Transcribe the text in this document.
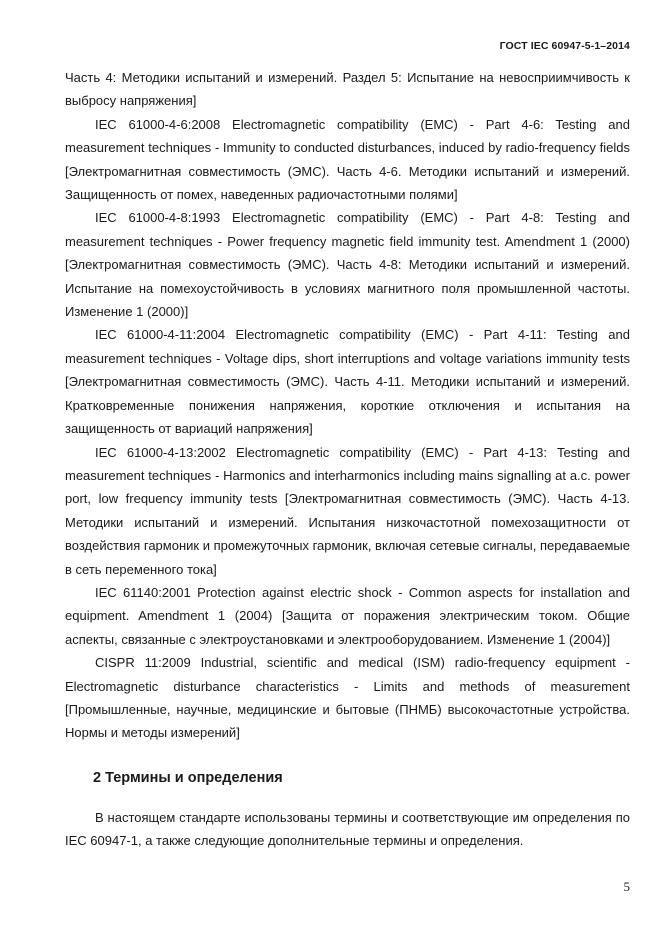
ГОСТ IEC 60947-5-1–2014

Часть 4: Методики испытаний и измерений. Раздел 5: Испытание на невосприимчивость к выбросу напряжения]

IEC 61000-4-6:2008 Electromagnetic compatibility (EMC) - Part 4-6: Testing and measurement techniques - Immunity to conducted disturbances, induced by radio-frequency fields [Электромагнитная совместимость (ЭМС). Часть 4-6. Методики испытаний и измерений. Защищенность от помех, наведенных радиочастотными полями]

IEC 61000-4-8:1993 Electromagnetic compatibility (EMC) - Part 4-8: Testing and measurement techniques - Power frequency magnetic field immunity test. Amendment 1 (2000) [Электромагнитная совместимость (ЭМС). Часть 4-8: Методики испытаний и измерений. Испытание на помехоустойчивость в условиях магнитного поля промышленной частоты. Изменение 1 (2000)]

IEC 61000-4-11:2004 Electromagnetic compatibility (EMC) - Part 4-11: Testing and measurement techniques - Voltage dips, short interruptions and voltage variations immunity tests [Электромагнитная совместимость (ЭМС). Часть 4-11. Методики испытаний и измерений. Кратковременные понижения напряжения, короткие отключения и испытания на защищенность от вариаций напряжения]

IEC 61000-4-13:2002 Electromagnetic compatibility (EMC) - Part 4-13: Testing and measurement techniques - Harmonics and interharmonics including mains signalling at a.c. power port, low frequency immunity tests [Электромагнитная совместимость (ЭМС). Часть 4-13. Методики испытаний и измерений. Испытания низкочастотной помехозащитности от воздействия гармоник и промежуточных гармоник, включая сетевые сигналы, передаваемые в сеть переменного тока]

IEC 61140:2001 Protection against electric shock - Common aspects for installation and equipment. Amendment 1 (2004) [Защита от поражения электрическим током. Общие аспекты, связанные с электроустановками и электрооборудованием. Изменение 1 (2004)]

CISPR 11:2009 Industrial, scientific and medical (ISM) radio-frequency equipment - Electromagnetic disturbance characteristics - Limits and methods of measurement [Промышленные, научные, медицинские и бытовые (ПНМБ) высокочастотные устройства. Нормы и методы измерений]

2 Термины и определения

В настоящем стандарте использованы термины и соответствующие им определения по IEC 60947-1, а также следующие дополнительные термины и определения.

5
